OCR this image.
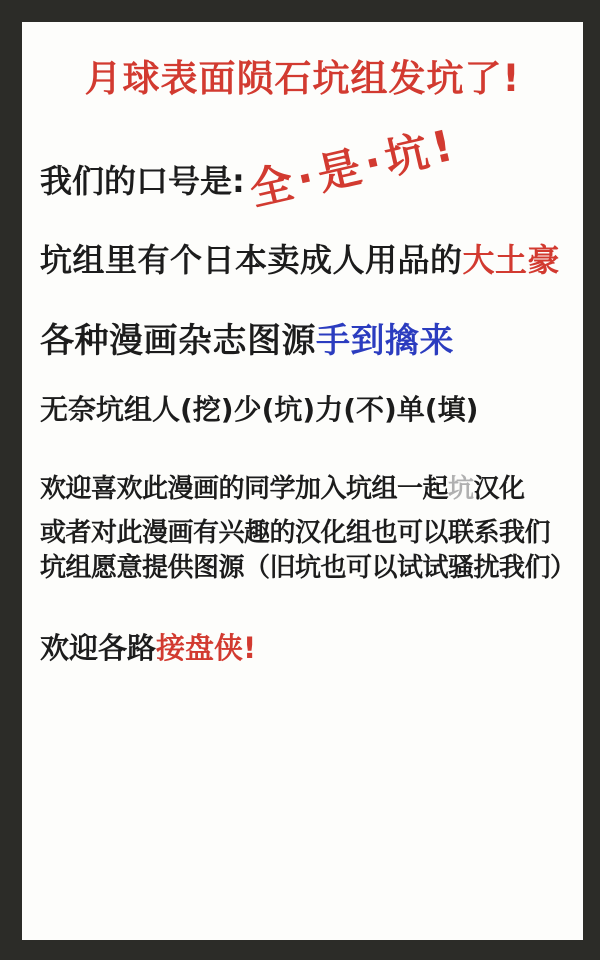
月球表面陨石坑组发坑了!
我们的口号是: 全·是·坑!

坑组里有个日本卖成人用品的大土豪

各种漫画杂志图源手到擒来

无奈坑组人(挖)少(坑)力(不)单(填)

欢迎喜欢此漫画的同学加入坑组一起坑汉化

或者对此漫画有兴趣的汉化组也可以联系我们

坑组愿意提供图源（旧坑也可以试试骚扰我们）

欢迎各路接盘侠!
